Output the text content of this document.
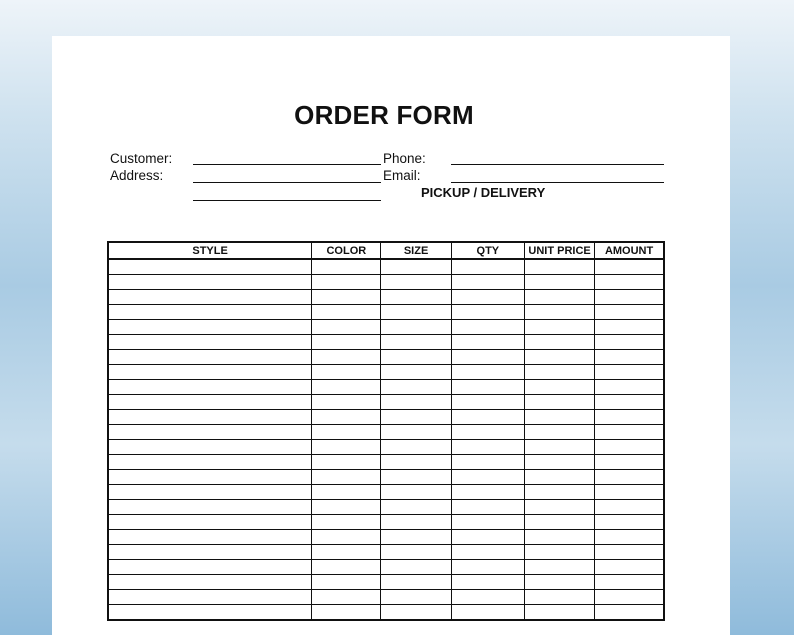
ORDER FORM
Customer:	Phone:
Address:	Email:
PICKUP / DELIVERY
STYLE	COLOR	SIZE	QTY	UNIT PRICE	AMOUNT
